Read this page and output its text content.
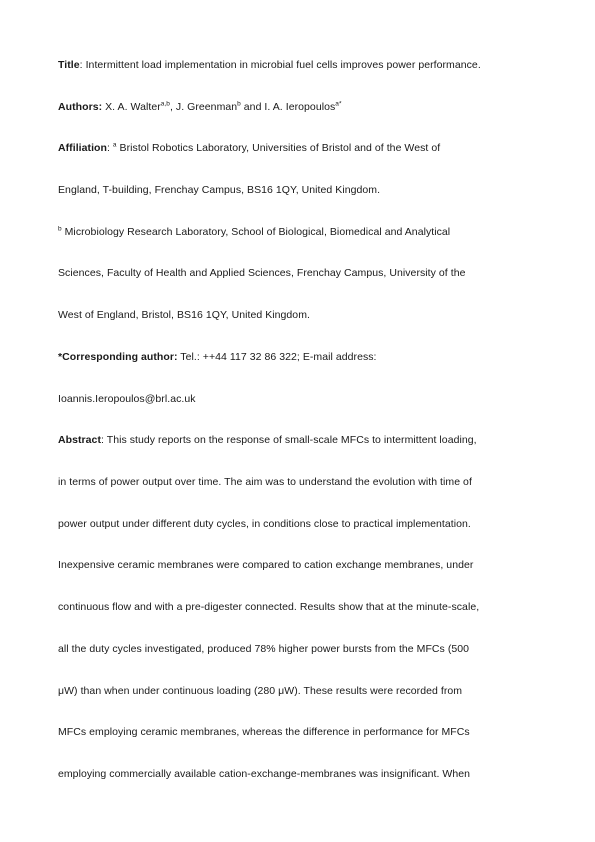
Title: Intermittent load implementation in microbial fuel cells improves power performance.
Authors: X. A. Walter$^{a,b}$, J. Greenman$^b$ and I. A. Ieropoulos$^{a*}$
Affiliation: $^a$ Bristol Robotics Laboratory, Universities of Bristol and of the West of
England, T-building, Frenchay Campus, BS16 1QY, United Kingdom.
$^b$ Microbiology Research Laboratory, School of Biological, Biomedical and Analytical
Sciences, Faculty of Health and Applied Sciences, Frenchay Campus, University of the
West of England, Bristol, BS16 1QY, United Kingdom.
*Corresponding author: Tel.: ++44 117 32 86 322; E-mail address:
Ioannis.Ieropoulos@brl.ac.uk
Abstract: This study reports on the response of small-scale MFCs to intermittent loading,
in terms of power output over time. The aim was to understand the evolution with time of
power output under different duty cycles, in conditions close to practical implementation.
Inexpensive ceramic membranes were compared to cation exchange membranes, under
continuous flow and with a pre-digester connected. Results show that at the minute-scale,
all the duty cycles investigated, produced 78% higher power bursts from the MFCs (500
μW) than when under continuous loading (280 μW). These results were recorded from
MFCs employing ceramic membranes, whereas the difference in performance for MFCs
employing commercially available cation-exchange-membranes was insignificant. When
